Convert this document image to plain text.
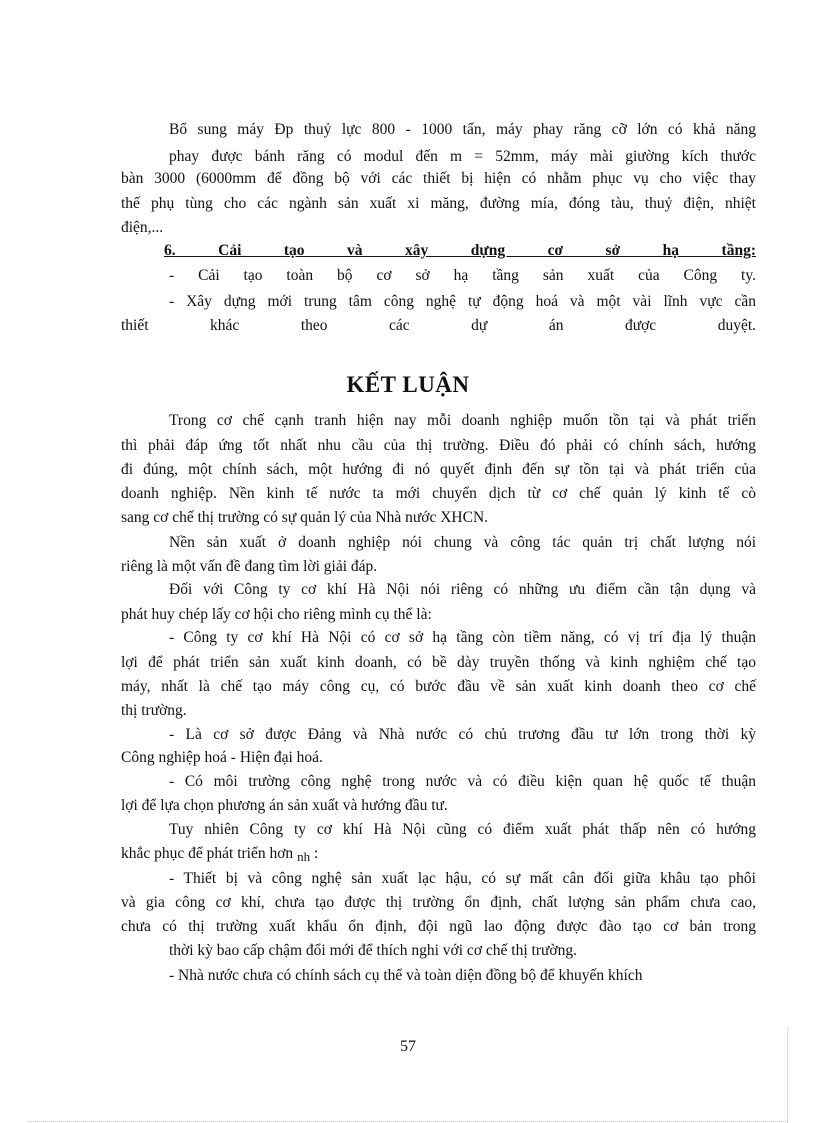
Bổ sung máy Đp thuỷ lực 800 - 1000 tấn, máy phay răng cỡ lớn có khả năng
phay được bánh răng có modul đến m = 52mm, máy mài giường kích thước
bàn 3000 (6000mm để đồng bộ với các thiết bị hiện có nhằm phục vụ cho việc thay
thế phụ tùng cho các ngành sản xuất xi măng, đường mía, đóng tàu, thuỷ điện, nhiệt
điện,...
6. Cải tạo và xây dựng cơ sở hạ tầng:
- Cải tạo toàn bộ cơ sở hạ tầng sản xuất của Công ty.
- Xây dựng mới trung tâm công nghệ tự động hoá và một vài lĩnh vực cần
thiết khác theo các dự án được duyệt.
KẾT LUẬN
Trong cơ chế cạnh tranh hiện nay mỗi doanh nghiệp muốn tồn tại và phát triển
thì phải đáp ứng tốt nhất nhu cầu của thị trường. Điều đó phải có chính sách, hướng
đi đúng, một chính sách, một hướng đi nó quyết định đến sự tồn tại và phát triển của
doanh nghiệp. Nền kinh tế nước ta mới chuyển dịch từ cơ chế quản lý kinh tế cò
sang cơ chế thị trường có sự quản lý của Nhà nước XHCN.
Nền sản xuất ở doanh nghiệp nói chung và công tác quản trị chất lượng nói
riêng là một vấn đề đang tìm lời giải đáp.
Đối với Công ty cơ khí Hà Nội nói riêng có những ưu điểm cần tận dụng và
phát huy chép lấy cơ hội cho riêng mình cụ thể là:
- Công ty cơ khí Hà Nội có cơ sở hạ tầng còn tiềm năng, có vị trí địa lý thuận
lợi để phát triển sản xuất kinh doanh, có bề dày truyền thống và kinh nghiệm chế tạo
máy, nhất là chế tạo máy công cụ, có bước đầu về sản xuất kinh doanh theo cơ chế
thị trường.
- Là cơ sở được Đảng và Nhà nước có chủ trương đầu tư lớn trong thời kỳ
Công nghiệp hoá - Hiện đại hoá.
- Có môi trường công nghệ trong nước và có điều kiện quan hệ quốc tế thuận
lợi để lựa chọn phương án sản xuất và hướng đầu tư.
Tuy nhiên Công ty cơ khí Hà Nội cũng có điểm xuất phát thấp nên có hướng
khắc phục để phát triển hơn $_{nh}$ :
- Thiết bị và công nghệ sản xuất lạc hậu, có sự mất cân đối giữa khâu tạo phôi
và gia công cơ khí, chưa tạo được thị trường ổn định, chất lượng sản phẩm chưa cao,
chưa có thị trường xuất khẩu ổn định, đội ngũ lao động được đào tạo cơ bản trong
thời kỳ bao cấp chậm đổi mới để thích nghi với cơ chế thị trường.
- Nhà nước chưa có chính sách cụ thể và toàn diện đồng bộ để khuyến khích
57
